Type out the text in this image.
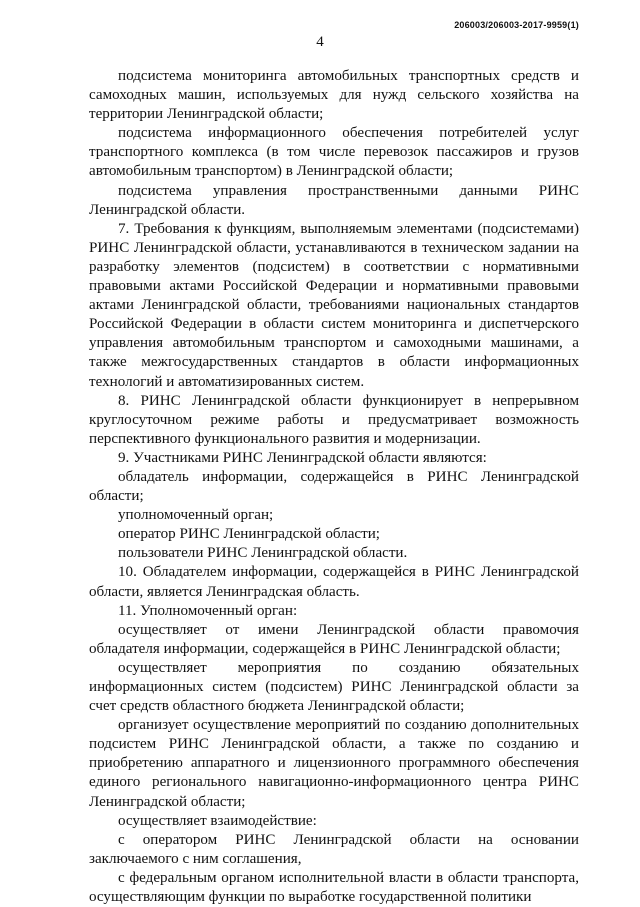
206003/206003-2017-9959(1)
4

подсистема мониторинга автомобильных транспортных средств и самоходных машин, используемых для нужд сельского хозяйства на территории Ленинградской области;

подсистема информационного обеспечения потребителей услуг транспортного комплекса (в том числе перевозок пассажиров и грузов автомобильным транспортом) в Ленинградской области;

подсистема управления пространственными данными РИНС Ленинградской области.

7. Требования к функциям, выполняемым элементами (подсистемами) РИНС Ленинградской области, устанавливаются в техническом задании на разработку элементов (подсистем) в соответствии с нормативными правовыми актами Российской Федерации и нормативными правовыми актами Ленинградской области, требованиями национальных стандартов Российской Федерации в области систем мониторинга и диспетчерского управления автомобильным транспортом и самоходными машинами, а также межгосударственных стандартов в области информационных технологий и автоматизированных систем.

8. РИНС Ленинградской области функционирует в непрерывном круглосуточном режиме работы и предусматривает возможность перспективного функционального развития и модернизации.

9. Участниками РИНС Ленинградской области являются:

обладатель информации, содержащейся в РИНС Ленинградской области;

уполномоченный орган;

оператор РИНС Ленинградской области;

пользователи РИНС Ленинградской области.

10. Обладателем информации, содержащейся в РИНС Ленинградской области, является Ленинградская область.

11. Уполномоченный орган:

осуществляет от имени Ленинградской области правомочия обладателя информации, содержащейся в РИНС Ленинградской области;

осуществляет мероприятия по созданию обязательных информационных систем (подсистем) РИНС Ленинградской области за счет средств областного бюджета Ленинградской области;

организует осуществление мероприятий по созданию дополнительных подсистем РИНС Ленинградской области, а также по созданию и приобретению аппаратного и лицензионного программного обеспечения единого регионального навигационно-информационного центра РИНС Ленинградской области;

осуществляет взаимодействие:

с оператором РИНС Ленинградской области на основании заключаемого с ним соглашения,

с федеральным органом исполнительной власти в области транспорта, осуществляющим функции по выработке государственной политики
